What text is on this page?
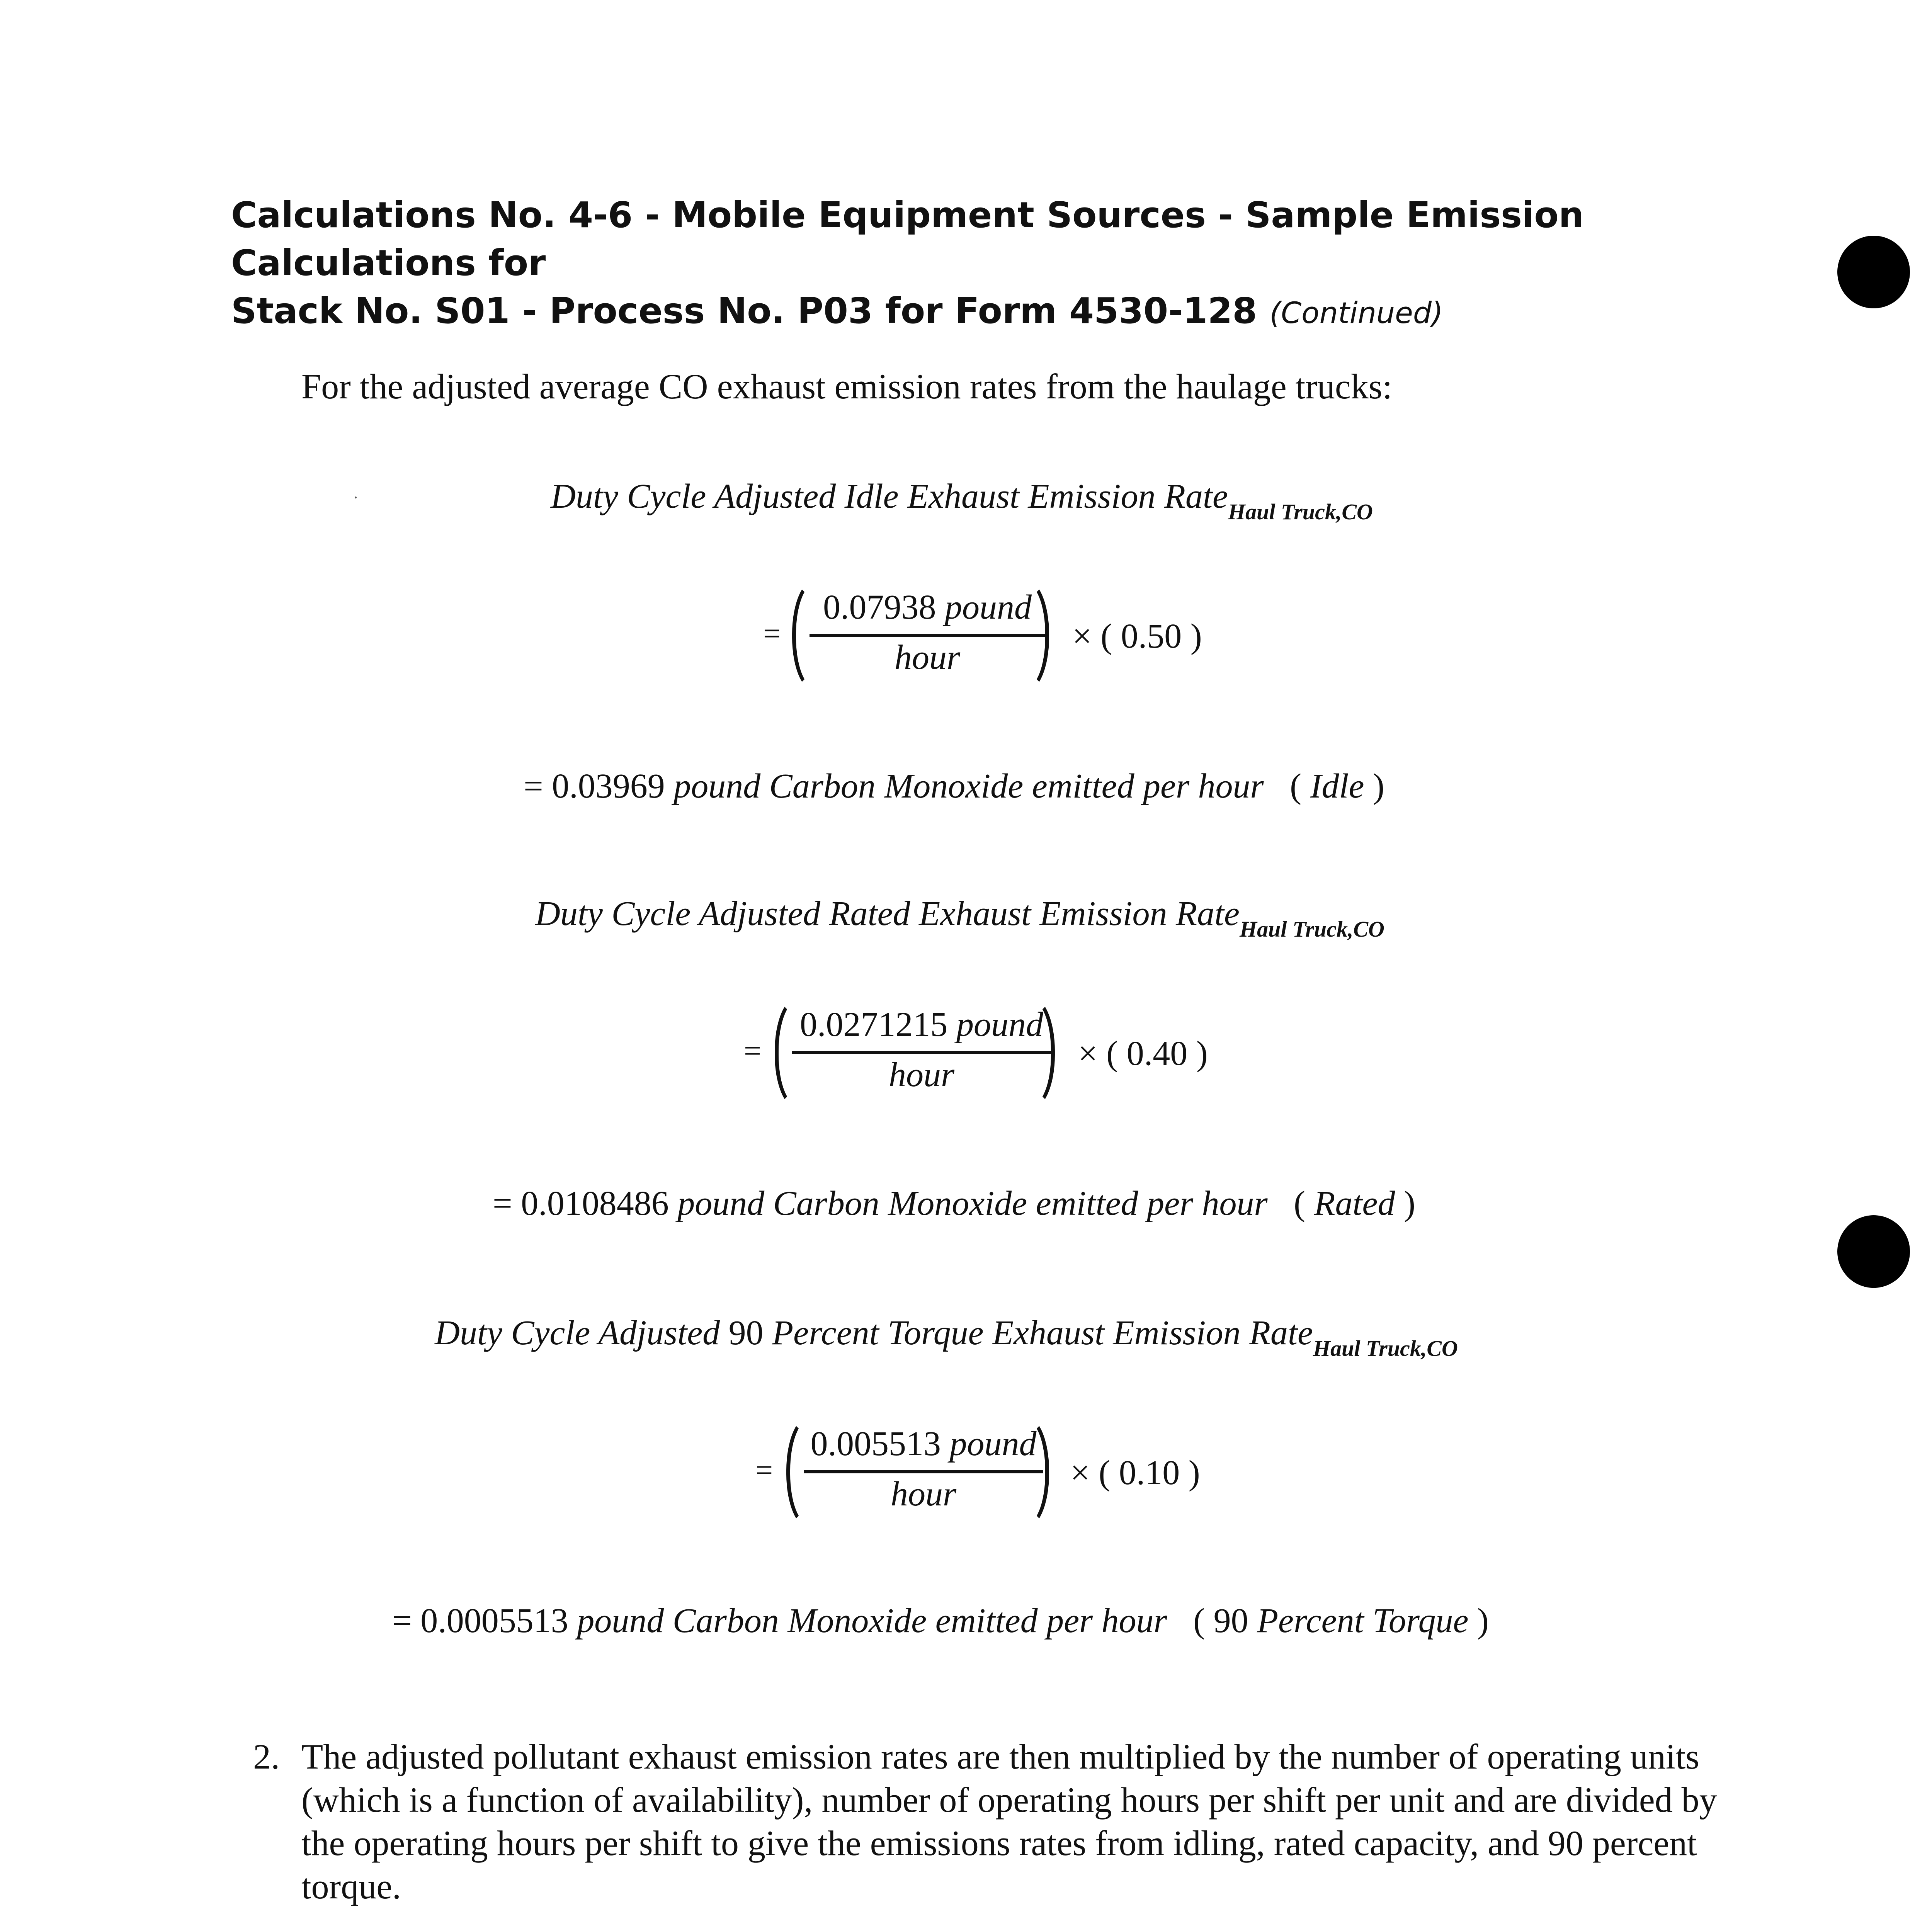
Calculations No. 4-6 - Mobile Equipment Sources - Sample Emission Calculations for
Stack No. S01 - Process No. P03 for Form 4530-128 (Continued)
For the adjusted average CO exhaust emission rates from the haulage trucks:
Duty Cycle Adjusted Idle Exhaust Emission Rate$_{Haul Truck,CO}$
=
0.07938 pound
hour
× ( 0.50 )
= 0.03969 pound Carbon Monoxide emitted per hour ( Idle )
Duty Cycle Adjusted Rated Exhaust Emission Rate$_{Haul Truck,CO}$
=
0.0271215 pound
hour
× ( 0.40 )
= 0.0108486 pound Carbon Monoxide emitted per hour ( Rated )
Duty Cycle Adjusted 90 Percent Torque Exhaust Emission Rate$_{Haul Truck,CO}$
=
0.005513 pound
hour
× ( 0.10 )
= 0.0005513 pound Carbon Monoxide emitted per hour ( 90 Percent Torque )
2. The adjusted pollutant exhaust emission rates are then multiplied by the number of operating units (which is a function of availability), number of operating hours per shift per unit and are divided by the operating hours per shift to give the emissions rates from idling, rated capacity, and 90 percent torque.
